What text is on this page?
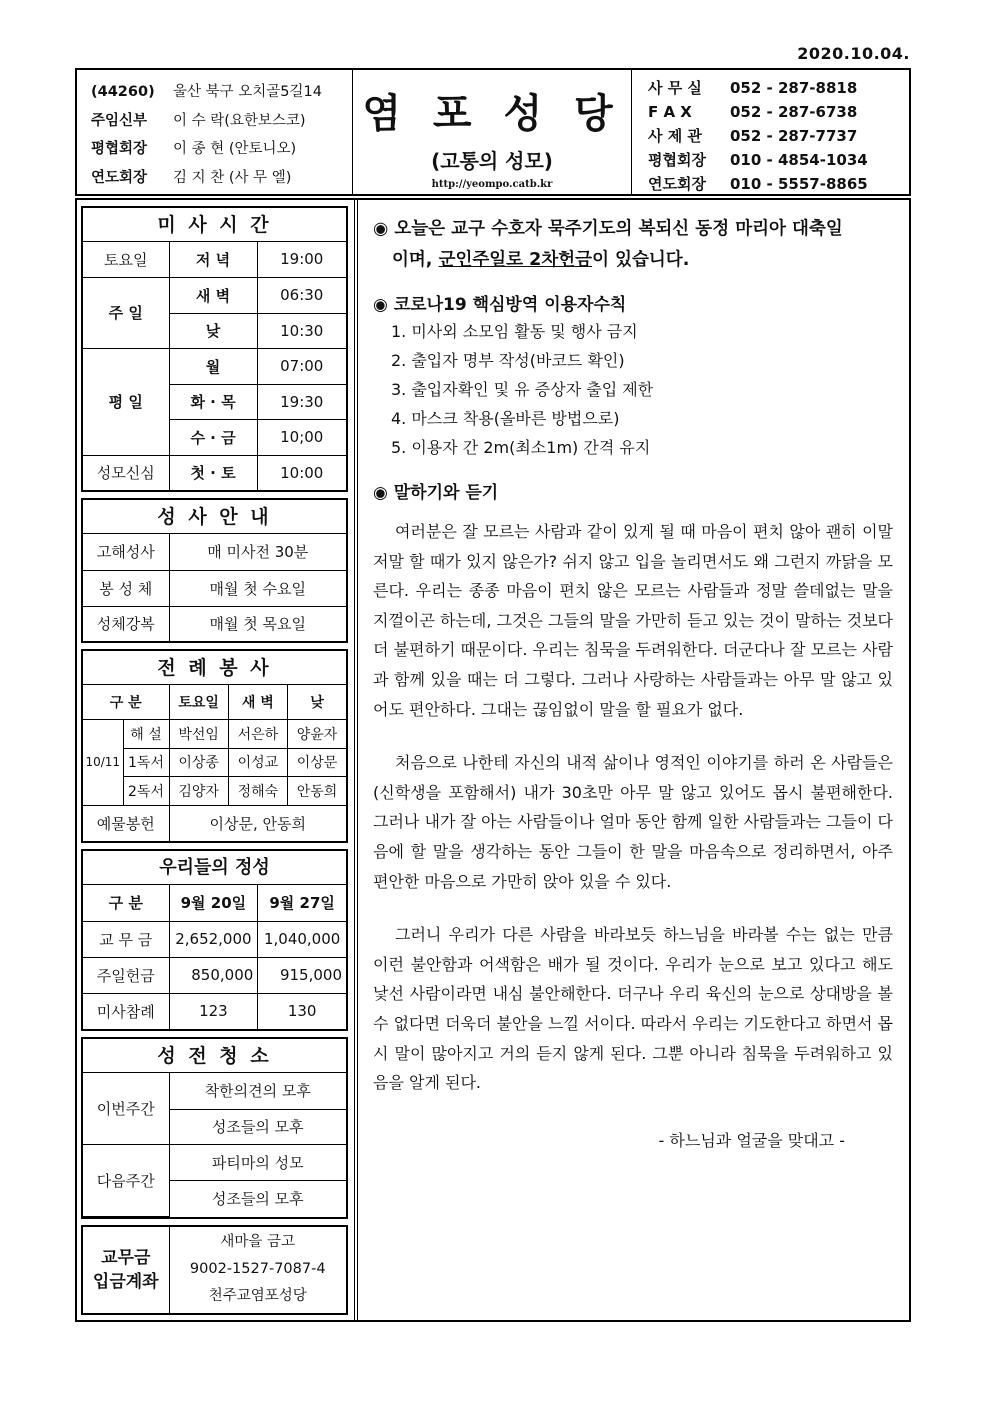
2020.10.04.
(44260) 울산 북구 오치골5길14
주임신부 이 수 락(요한보스코)
평협회장 이 종 현 (안토니오)
연도회장 김 지 찬 (사 무 엘)
염 포 성 당
(고통의 성모)
http://yeompo.catb.kr
사 무 실 052 - 287-8818
F A X	052 - 287-6738
사 제 관 052 - 287-7737
평협회장 010 - 4854-1034
연도회장 010 - 5557-8865
미 사 시 간
토요일	저 녁	19:00
주 일	새 벽	06:30
	낮	10:30
평 일	월	07:00
	화 · 목	19:30
	수 · 금	10;00
성모신심	첫 · 토	10:00
성 사 안 내
고해성사	매 미사전 30분
봉 성 체	매월 첫 수요일
성체강복	매월 첫 목요일
전 례 봉 사
구 분		토요일	새 벽	낮
10/11	해 설	박선임	서은하	양윤자
	1독서	이상종	이성교	이상문
	2독서	김양자	정해숙	안동희
예물봉헌		이상문, 안동희		
우리들의 정성
구 분	9월 20일	9월 27일
교 무 금	2,652,000	1,040,000
주일헌금	850,000	915,000
미사참례	123	130
성 전 청 소
이번주간	착한의견의 모후
	성조들의 모후
다음주간	파티마의 성모
	성조들의 모후
교무금
입금계좌

새마을 금고
9002-1527-7087-4
천주교염포성당
◉ 오늘은 교구 수호자 묵주기도의 복되신 동정 마리아 대축일
이며, 군인주일로 2차헌금이 있습니다.
◉ 코로나19 핵심방역 이용자수칙
1. 미사외 소모임 활동 및 행사 금지
2. 출입자 명부 작성(바코드 확인)
3. 출입자확인 및 유 증상자 출입 제한
4. 마스크 착용(올바른 방법으로)
5. 이용자 간 2m(최소1m) 간격 유지
◉ 말하기와 듣기

여러분은 잘 모르는 사람과 같이 있게 될 때 마음이 편치 않아 괜히 이말 저말 할 때가 있지 않은가? 쉬지 않고 입을 놀리면서도 왜 그런지 까닭을 모른다. 우리는 종종 마음이 편치 않은 모르는 사람들과 정말 쓸데없는 말을 지껄이곤 하는데, 그것은 그들의 말을 가만히 듣고 있는 것이 말하는 것보다 더 불편하기 때문이다. 우리는 침묵을 두려워한다. 더군다나 잘 모르는 사람과 함께 있을 때는 더 그렇다. 그러나 사랑하는 사람들과는 아무 말 않고 있어도 편안하다. 그대는 끊임없이 말을 할 필요가 없다.

처음으로 나한테 자신의 내적 삶이나 영적인 이야기를 하러 온 사람들은(신학생을 포함해서) 내가 30초만 아무 말 않고 있어도 몹시 불편해한다. 그러나 내가 잘 아는 사람들이나 얼마 동안 함께 일한 사람들과는 그들이 다음에 할 말을 생각하는 동안 그들이 한 말을 마음속으로 정리하면서, 아주 편안한 마음으로 가만히 앉아 있을 수 있다.

그러니 우리가 다른 사람을 바라보듯 하느님을 바라볼 수는 없는 만큼 이런 불안함과 어색함은 배가 될 것이다. 우리가 눈으로 보고 있다고 해도 낯선 사람이라면 내심 불안해한다. 더구나 우리 육신의 눈으로 상대방을 볼 수 없다면 더욱더 불안을 느낄 서이다. 따라서 우리는 기도한다고 하면서 몹시 말이 많아지고 거의 듣지 않게 된다. 그뿐 아니라 침묵을 두려워하고 있음을 알게 된다.

- 하느님과 얼굴을 맞대고 -
